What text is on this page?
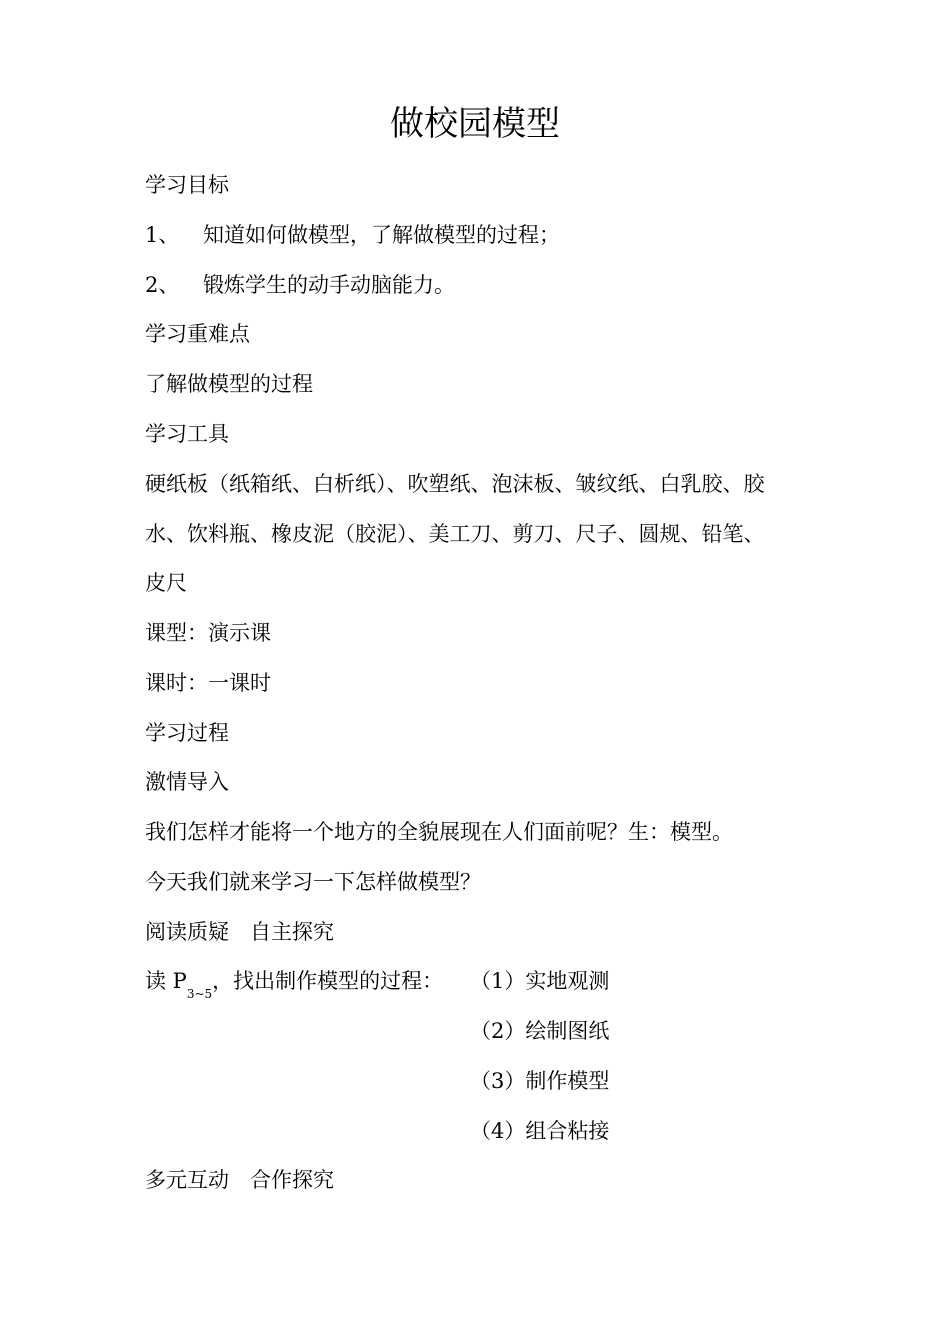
做校园模型
学习目标
1、 知道如何做模型，了解做模型的过程；
2、 锻炼学生的动手动脑能力。
学习重难点
了解做模型的过程
学习工具
硬纸板（纸箱纸、白析纸）、吹塑纸、泡沫板、皱纹纸、白乳胶、胶
水、饮料瓶、橡皮泥（胶泥）、美工刀、剪刀、尺子、圆规、铅笔、
皮尺
课型：演示课
课时：一课时
学习过程
激情导入
我们怎样才能将一个地方的全貌展现在人们面前呢？生：模型。
今天我们就来学习一下怎样做模型？
阅读质疑　自主探究
读 $P_{3\sim 5}$，找出制作模型的过程： （1）实地观测
（2）绘制图纸
（3）制作模型
（4）组合粘接
多元互动　合作探究
